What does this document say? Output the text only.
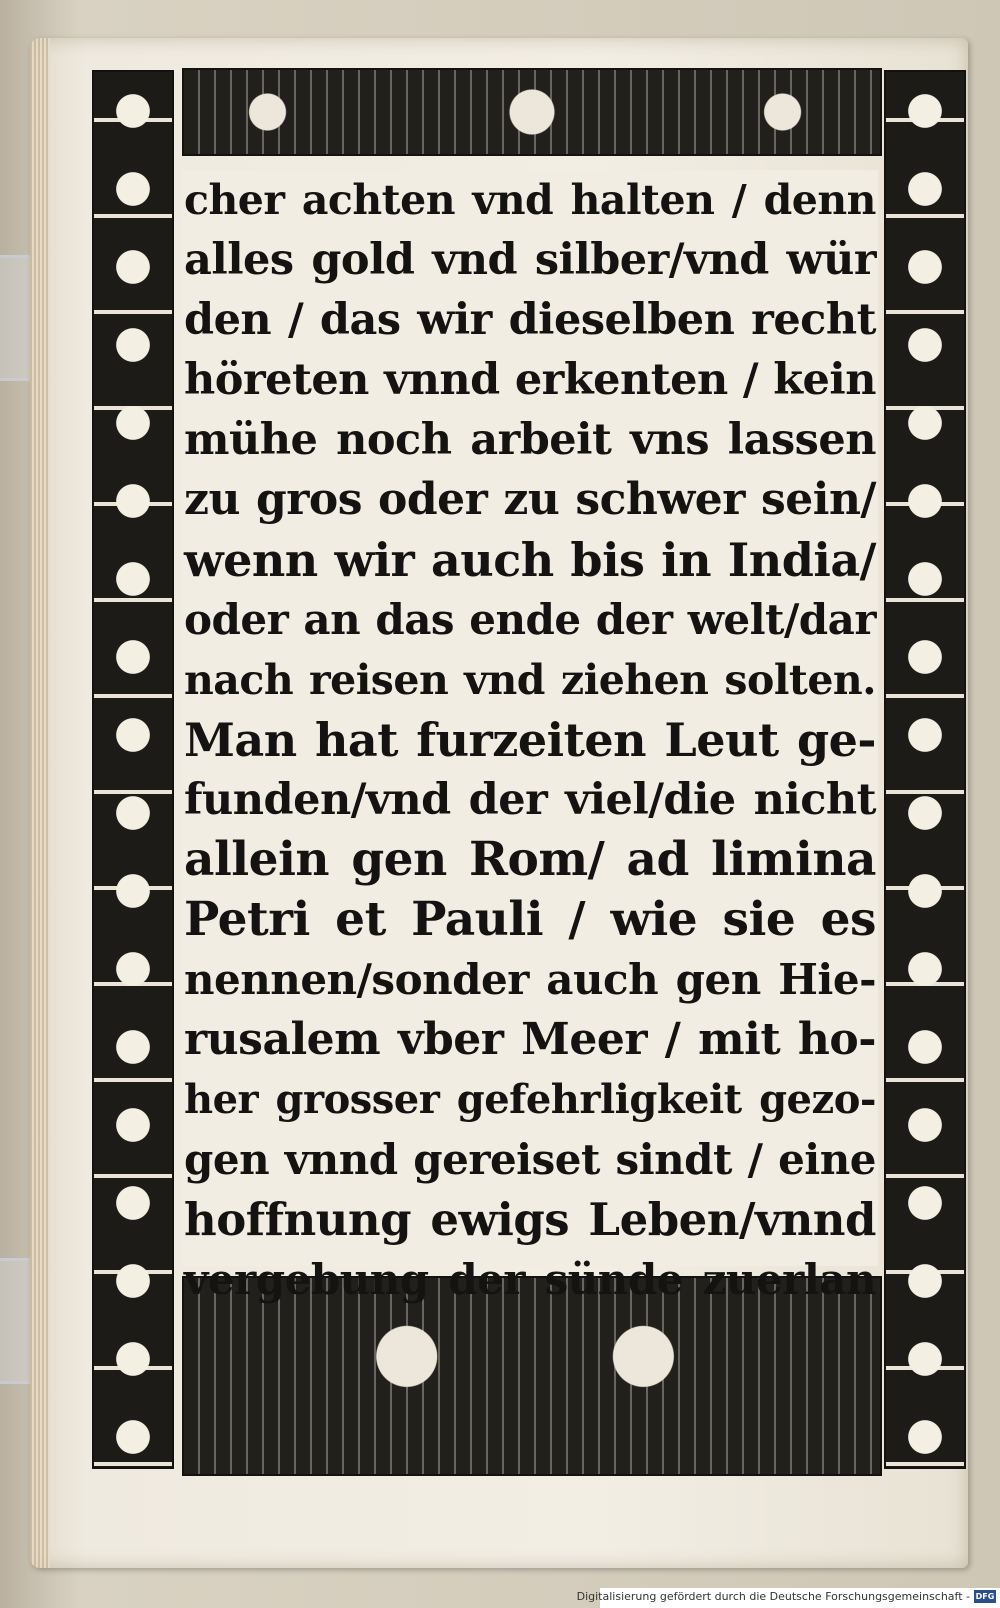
cher achten vnd halten / denn
alles gold vnd silber/vnd wür
den / das wir dieselben recht
höreten vnnd erkenten / kein
mühe noch arbeit vns lassen
zu gros oder zu schwer sein/
wenn wir auch bis in India/
oder an das ende der welt/dar
nach reisen vnd ziehen solten.
Man hat furzeiten Leut ge-
funden/vnd der viel/die nicht
allein gen Rom/ ad limina
Petri et Pauli / wie sie es
nennen/sonder auch gen Hie-
rusalem vber Meer / mit ho-
her grosser gefehrligkeit gezo-
gen vnnd gereiset sindt / eine
hoffnung ewigs Leben/vnnd
vergebung der sünde zuerlan
Digitalisierung gefördert durch die Deutsche Forschungsgemeinschaft - DFG
